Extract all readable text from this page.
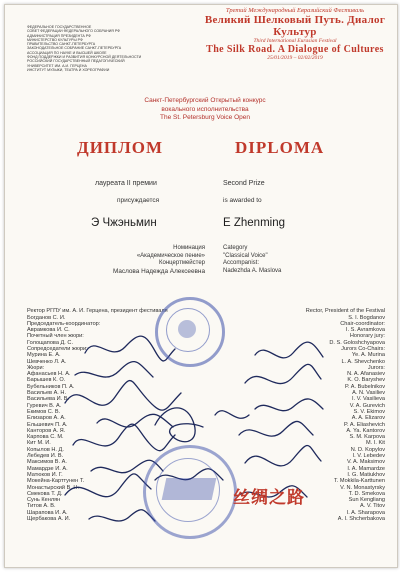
ФЕДЕРАЛЬНОЕ ГОСУДАРСТВЕННОЕ
СОВЕТ ФЕДЕРАЦИИ ФЕДЕРАЛЬНОГО СОБРАНИЯ РФ
АДМИНИСТРАЦИЯ ПРЕЗИДЕНТА РФ
МИНИСТЕРСТВО КУЛЬТУРЫ РФ
ПРАВИТЕЛЬСТВО САНКТ-ПЕТЕРБУРГА
ЗАКОНОДАТЕЛЬНОЕ СОБРАНИЕ САНКТ-ПЕТЕРБУРГА
АССОЦИАЦИЯ ПО НАУКЕ И ВЫСШЕЙ ШКОЛЕ
ФОНД ПОДДЕРЖКИ И РАЗВИТИЯ КОНКУРСНОЙ ДЕЯТЕЛЬНОСТИ
РОССИЙСКИЙ ГОСУДАРСТВЕННЫЙ ПЕДАГОГИЧЕСКИЙ
УНИВЕРСИТЕТ ИМ. А.И. ГЕРЦЕНА
ИНСТИТУТ МУЗЫКИ, ТЕАТРА И ХОРЕОГРАФИИ
Третий Международный Евразийский Фестиваль
Великий Шелковый Путь. Диалог Культур
Third International Eurasian Festival
The Silk Road. A Dialogue of Cultures
25/01/2019 – 02/02/2019
Санкт-Петербургский Открытый конкурс
вокального исполнительства
The St. Petersburg Voice Open
ДИПЛОМ	DIPLOMA
лауреата II премии	Second Prize
присуждается	is awarded to
Э Чжэньмин	E Zhenming
Номинация
«Академическое пение»
Концертмейстер
Маслова Надежда Алексеевна
Category
"Classical Voice"
Accompanist:
Nadezhda A. Maslova
Ректор РГПУ им. А. И. Герцена, президент фестиваля
Богданов С. И.
Председатель-координатор:
Аврамкова И. С.
Почетный член жюри:
Голощапова Д. С.
Сопредседатели жюри:
Мурина Е. А.
Шевченко Л. А.
Жюри:
Афанасьев Н. А.
Барышев К. О.
Бубельников П. А.
Васильев А. Н.
Васильева И. В.
Гуревич В. А.
Екимов С. В.
Елизаров А. А.
Ельшевич П. А.
Канторов А. Я.
Карпова С. М.
Кит М. И.
Копылов Н. Д.
Лебедев И. В.
Максимов В. А.
Мамардзе И. А.
Матюков И. Г.
Мокейна-Карттунен Т.
Монастырский В. Н.
Смекова Т. Д.
Сунь Кенлян
Титов А. В.
Шарапова И. А.
Щербакова А. И.
Rector, President of the Festival
S. I. Bogdanov
Chair-coordinator:
I. S. Avramkova
Honorary jury:
D. S. Goloshchyapova
Jurors Co-Chairs:
Ye. A. Murina
L. A. Shevchenko
Jurors:
N. A. Afanasiev
K. O. Baryshev
P. A. Bubelnikov
A. N. Vasiliev
I. V. Vasilieva
V. A. Gurevich
S. V. Ekimov
A. A. Elizarov
P. A. Eliashevich
A. Ya. Kantorov
S. M. Karpova
M. I. Kit
N. D. Kopylov
I. V. Lebedev
V. A. Maksimov
I. A. Mamardze
I. G. Matiukhov
T. Mokkila-Karttunen
V. N. Monastyrsky
T. D. Smekova
Sun Kengliang
A. V. Titov
I. A. Sharapova
A. I. Shcherbakova
丝绸之路
